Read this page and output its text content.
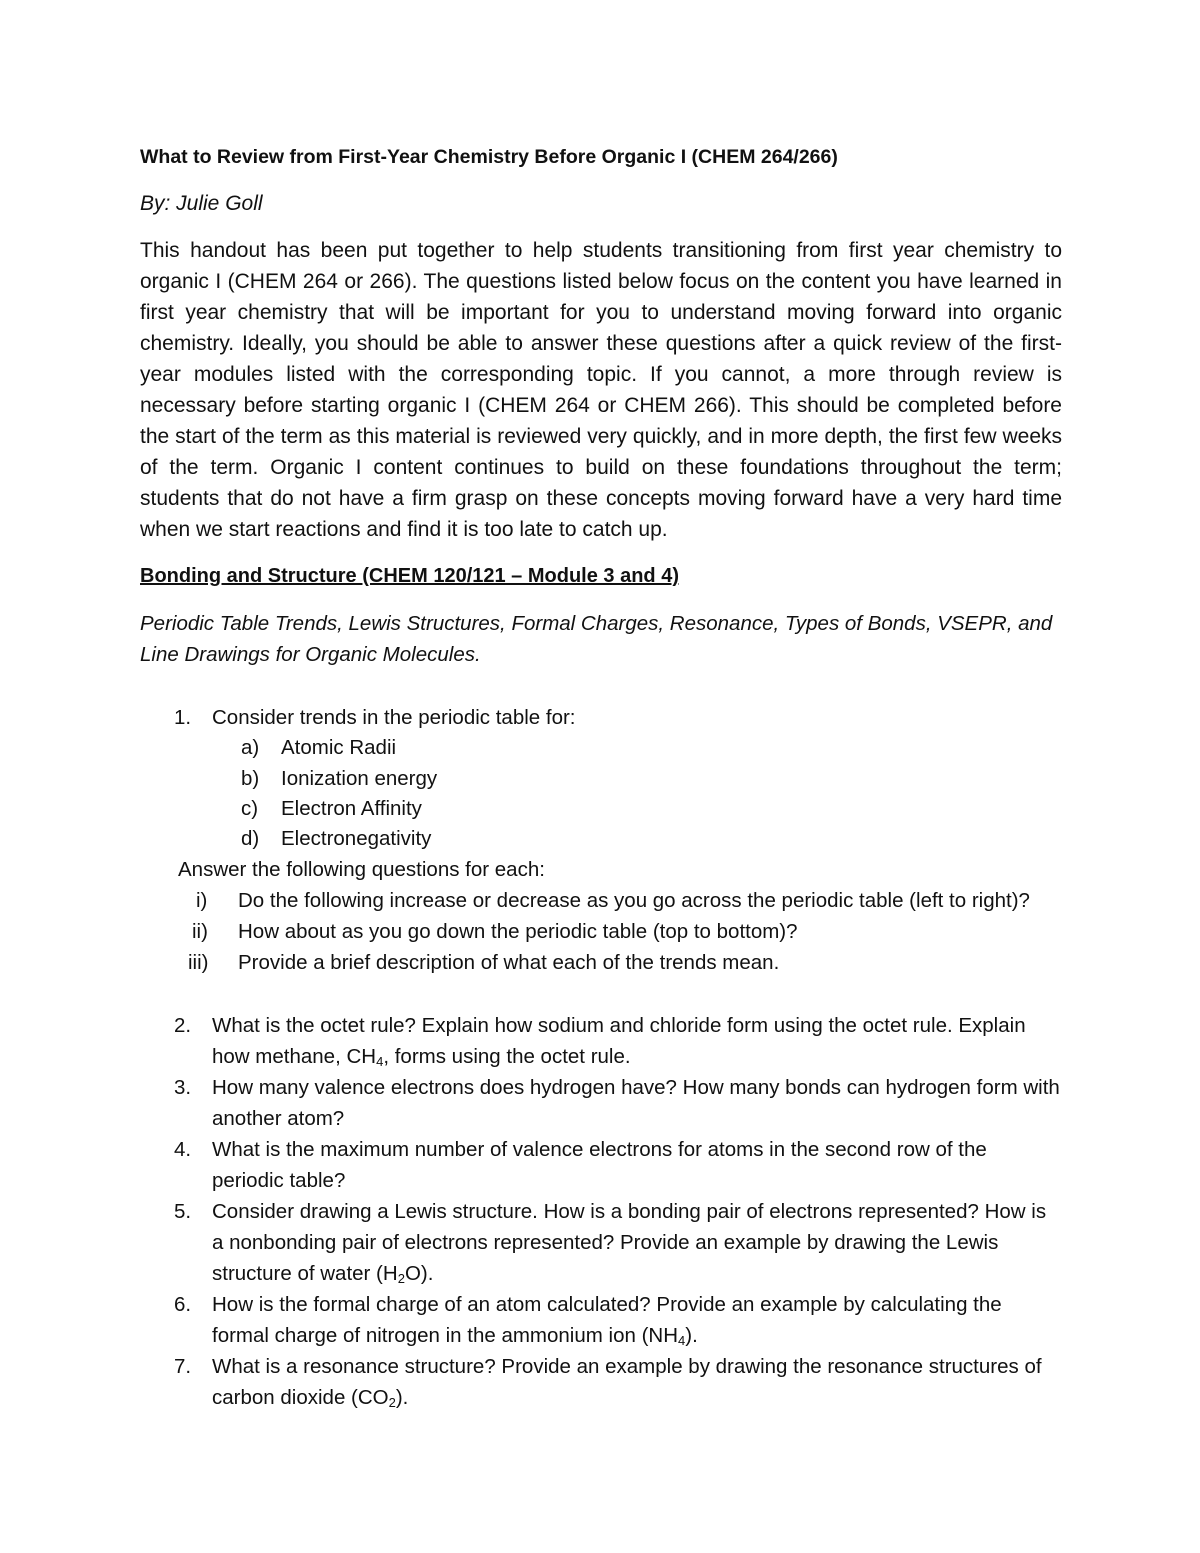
What to Review from First-Year Chemistry Before Organic I (CHEM 264/266)
By: Julie Goll

This handout has been put together to help students transitioning from first year chemistry to organic I (CHEM 264 or 266). The questions listed below focus on the content you have learned in first year chemistry that will be important for you to understand moving forward into organic chemistry. Ideally, you should be able to answer these questions after a quick review of the first-year modules listed with the corresponding topic. If you cannot, a more through review is necessary before starting organic I (CHEM 264 or CHEM 266). This should be completed before the start of the term as this material is reviewed very quickly, and in more depth, the first few weeks of the term. Organic I content continues to build on these foundations throughout the term; students that do not have a firm grasp on these concepts moving forward have a very hard time when we start reactions and find it is too late to catch up.

Bonding and Structure (CHEM 120/121 – Module 3 and 4)

Periodic Table Trends, Lewis Structures, Formal Charges, Resonance, Types of Bonds, VSEPR, and Line Drawings for Organic Molecules.

1. Consider trends in the periodic table for:
a) Atomic Radii
b) Ionization energy
c) Electron Affinity
d) Electronegativity
Answer the following questions for each:
i) Do the following increase or decrease as you go across the periodic table (left to right)?
ii) How about as you go down the periodic table (top to bottom)?
iii) Provide a brief description of what each of the trends mean.
2. What is the octet rule? Explain how sodium and chloride form using the octet rule. Explain how methane, $CH_4$, forms using the octet rule.
3. How many valence electrons does hydrogen have? How many bonds can hydrogen form with another atom?
4. What is the maximum number of valence electrons for atoms in the second row of the periodic table?
5. Consider drawing a Lewis structure. How is a bonding pair of electrons represented? How is a nonbonding pair of electrons represented? Provide an example by drawing the Lewis structure of water $(H_2O)$.
6. How is the formal charge of an atom calculated? Provide an example by calculating the formal charge of nitrogen in the ammonium ion $(NH_4)$.
7. What is a resonance structure? Provide an example by drawing the resonance structures of carbon dioxide $(CO_2)$.
